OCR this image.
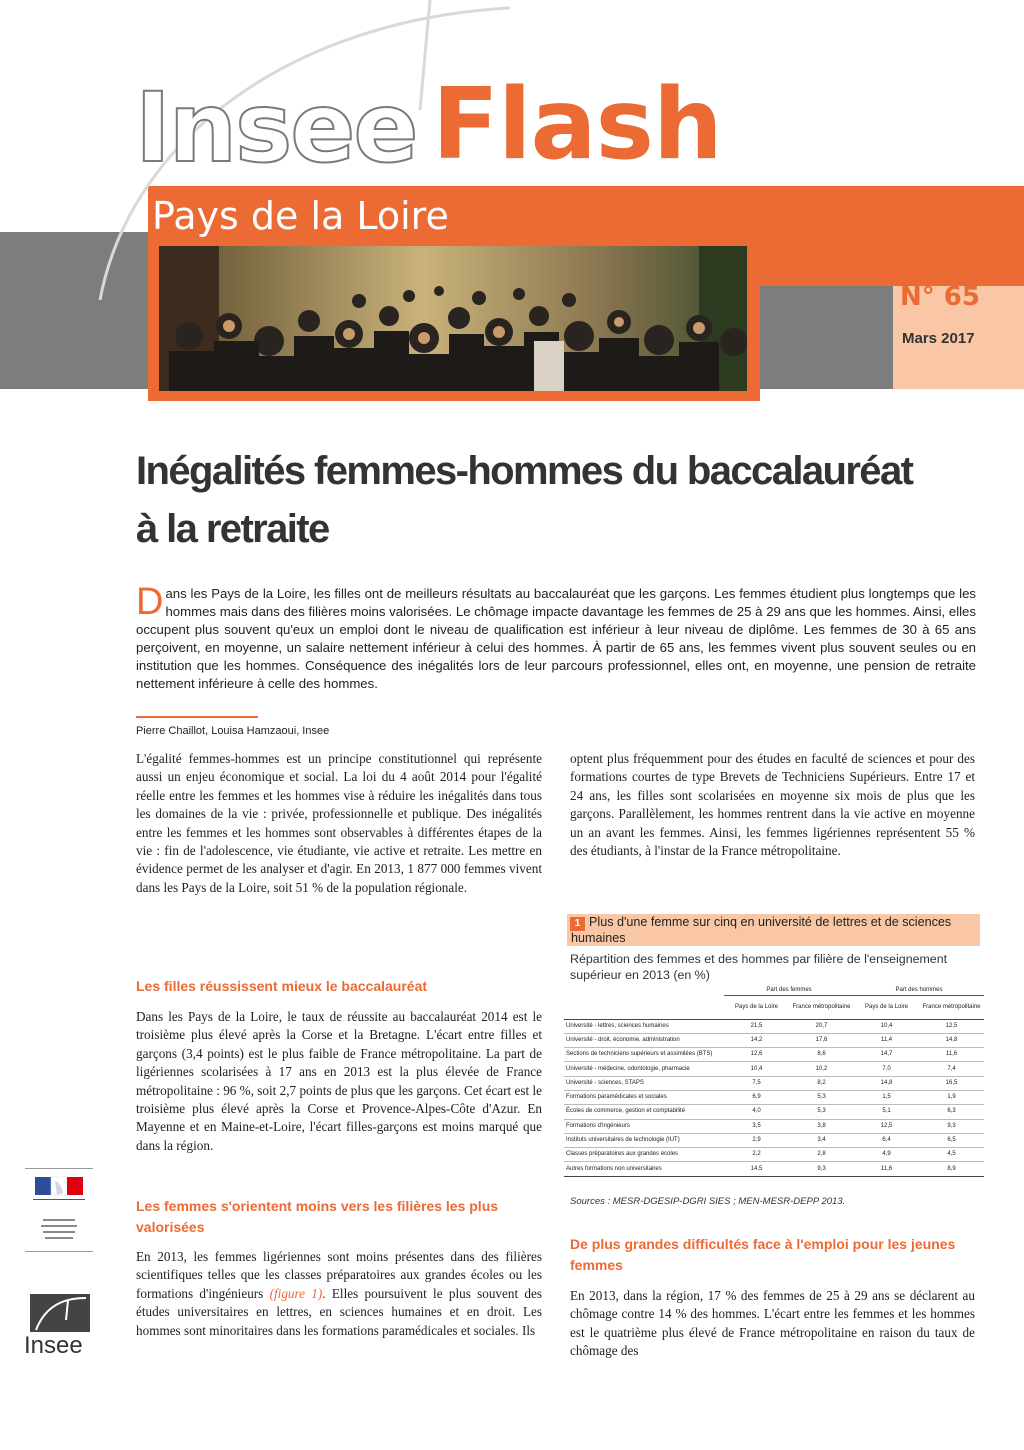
Insee Flash
Pays de la Loire
N° 65
Mars 2017
Inégalités femmes-hommes du baccalauréat
à la retraite
Dans les Pays de la Loire, les filles ont de meilleurs résultats au baccalauréat que les garçons. Les femmes étudient plus longtemps que les hommes mais dans des filières moins valorisées. Le chômage impacte davantage les femmes de 25 à 29 ans que les hommes. Ainsi, elles occupent plus souvent qu'eux un emploi dont le niveau de qualification est inférieur à leur niveau de diplôme. Les femmes de 30 à 65 ans perçoivent, en moyenne, un salaire nettement inférieur à celui des hommes. À partir de 65 ans, les femmes vivent plus souvent seules ou en institution que les hommes. Conséquence des inégalités lors de leur parcours professionnel, elles ont, en moyenne, une pension de retraite nettement inférieure à celle des hommes.
Pierre Chaillot, Louisa Hamzaoui, Insee

L'égalité femmes-hommes est un principe constitutionnel qui représente aussi un enjeu économique et social. La loi du 4 août 2014 pour l'égalité réelle entre les femmes et les hommes vise à réduire les inégalités dans tous les domaines de la vie : privée, professionnelle et publique. Des inégalités entre les femmes et les hommes sont observables à différentes étapes de la vie : fin de l'adolescence, vie étudiante, vie active et retraite. Les mettre en évidence permet de les analyser et d'agir. En 2013, 1 877 000 femmes vivent dans les Pays de la Loire, soit 51 % de la population régionale.

Les filles réussissent mieux le baccalauréat

Dans les Pays de la Loire, le taux de réussite au baccalauréat 2014 est le troisième plus élevé après la Corse et la Bretagne. L'écart entre filles et garçons (3,4 points) est le plus faible de France métropolitaine. La part de ligériennes scolarisées à 17 ans en 2013 est la plus élevée de France métropolitaine : 96 %, soit 2,7 points de plus que les garçons. Cet écart est le troisième plus élevé après la Corse et Provence-Alpes-Côte d'Azur. En Mayenne et en Maine-et-Loire, l'écart filles-garçons est moins marqué que dans la région.

Les femmes s'orientent moins vers les filières les plus valorisées

En 2013, les femmes ligériennes sont moins présentes dans des filières scientifiques telles que les classes préparatoires aux grandes écoles ou les formations d'ingénieurs (figure 1). Elles poursuivent le plus souvent des études universitaires en lettres, en sciences humaines et en droit. Les hommes sont minoritaires dans les formations paramédicales et sociales. Ils

optent plus fréquemment pour des études en faculté de sciences et pour des formations courtes de type Brevets de Techniciens Supérieurs. Entre 17 et 24 ans, les filles sont scolarisées en moyenne six mois de plus que les garçons. Parallèlement, les hommes rentrent dans la vie active en moyenne un an avant les femmes. Ainsi, les femmes ligériennes représentent 55 % des étudiants, à l'instar de la France métropolitaine.

1 Plus d'une femme sur cinq en université de lettres et de sciences humaines
Répartition des femmes et des hommes par filière de l'enseignement supérieur en 2013 (en %)
	Part des femmes		Part des hommes	
	Pays de la Loire	France métropolitaine	Pays de la Loire	France métropolitaine
Université - lettres, sciences humaines	21,5	20,7	10,4	12,5
Université - droit, économie, administration	14,2	17,6	11,4	14,8
Sections de techniciens supérieurs et assimilées (BTS)	12,6	8,6	14,7	11,6
Université - médecine, odontologie, pharmacie	10,4	10,2	7,0	7,4
Université - sciences, STAPS	7,5	8,2	14,8	16,5
Formations paramédicales et sociales	6,9	5,3	1,5	1,9
Écoles de commerce, gestion et comptabilité	4,0	5,3	5,1	6,3
Formations d'ingénieurs	3,5	3,8	12,5	9,3
Instituts universitaires de technologie (IUT)	2,9	3,4	6,4	6,5
Classes préparatoires aux grandes écoles	2,2	2,8	4,9	4,5
Autres formations non universitaires	14,5	9,3	11,6	8,9
Sources : MESR-DGESIP-DGRI SIES ; MEN-MESR-DEPP 2013.
De plus grandes difficultés face à l'emploi pour les jeunes femmes

En 2013, dans la région, 17 % des femmes de 25 à 29 ans se déclarent au chômage contre 14 % des hommes. L'écart entre les femmes et les hommes est le quatrième plus élevé de France métropolitaine en raison du taux de chômage des

Insee
